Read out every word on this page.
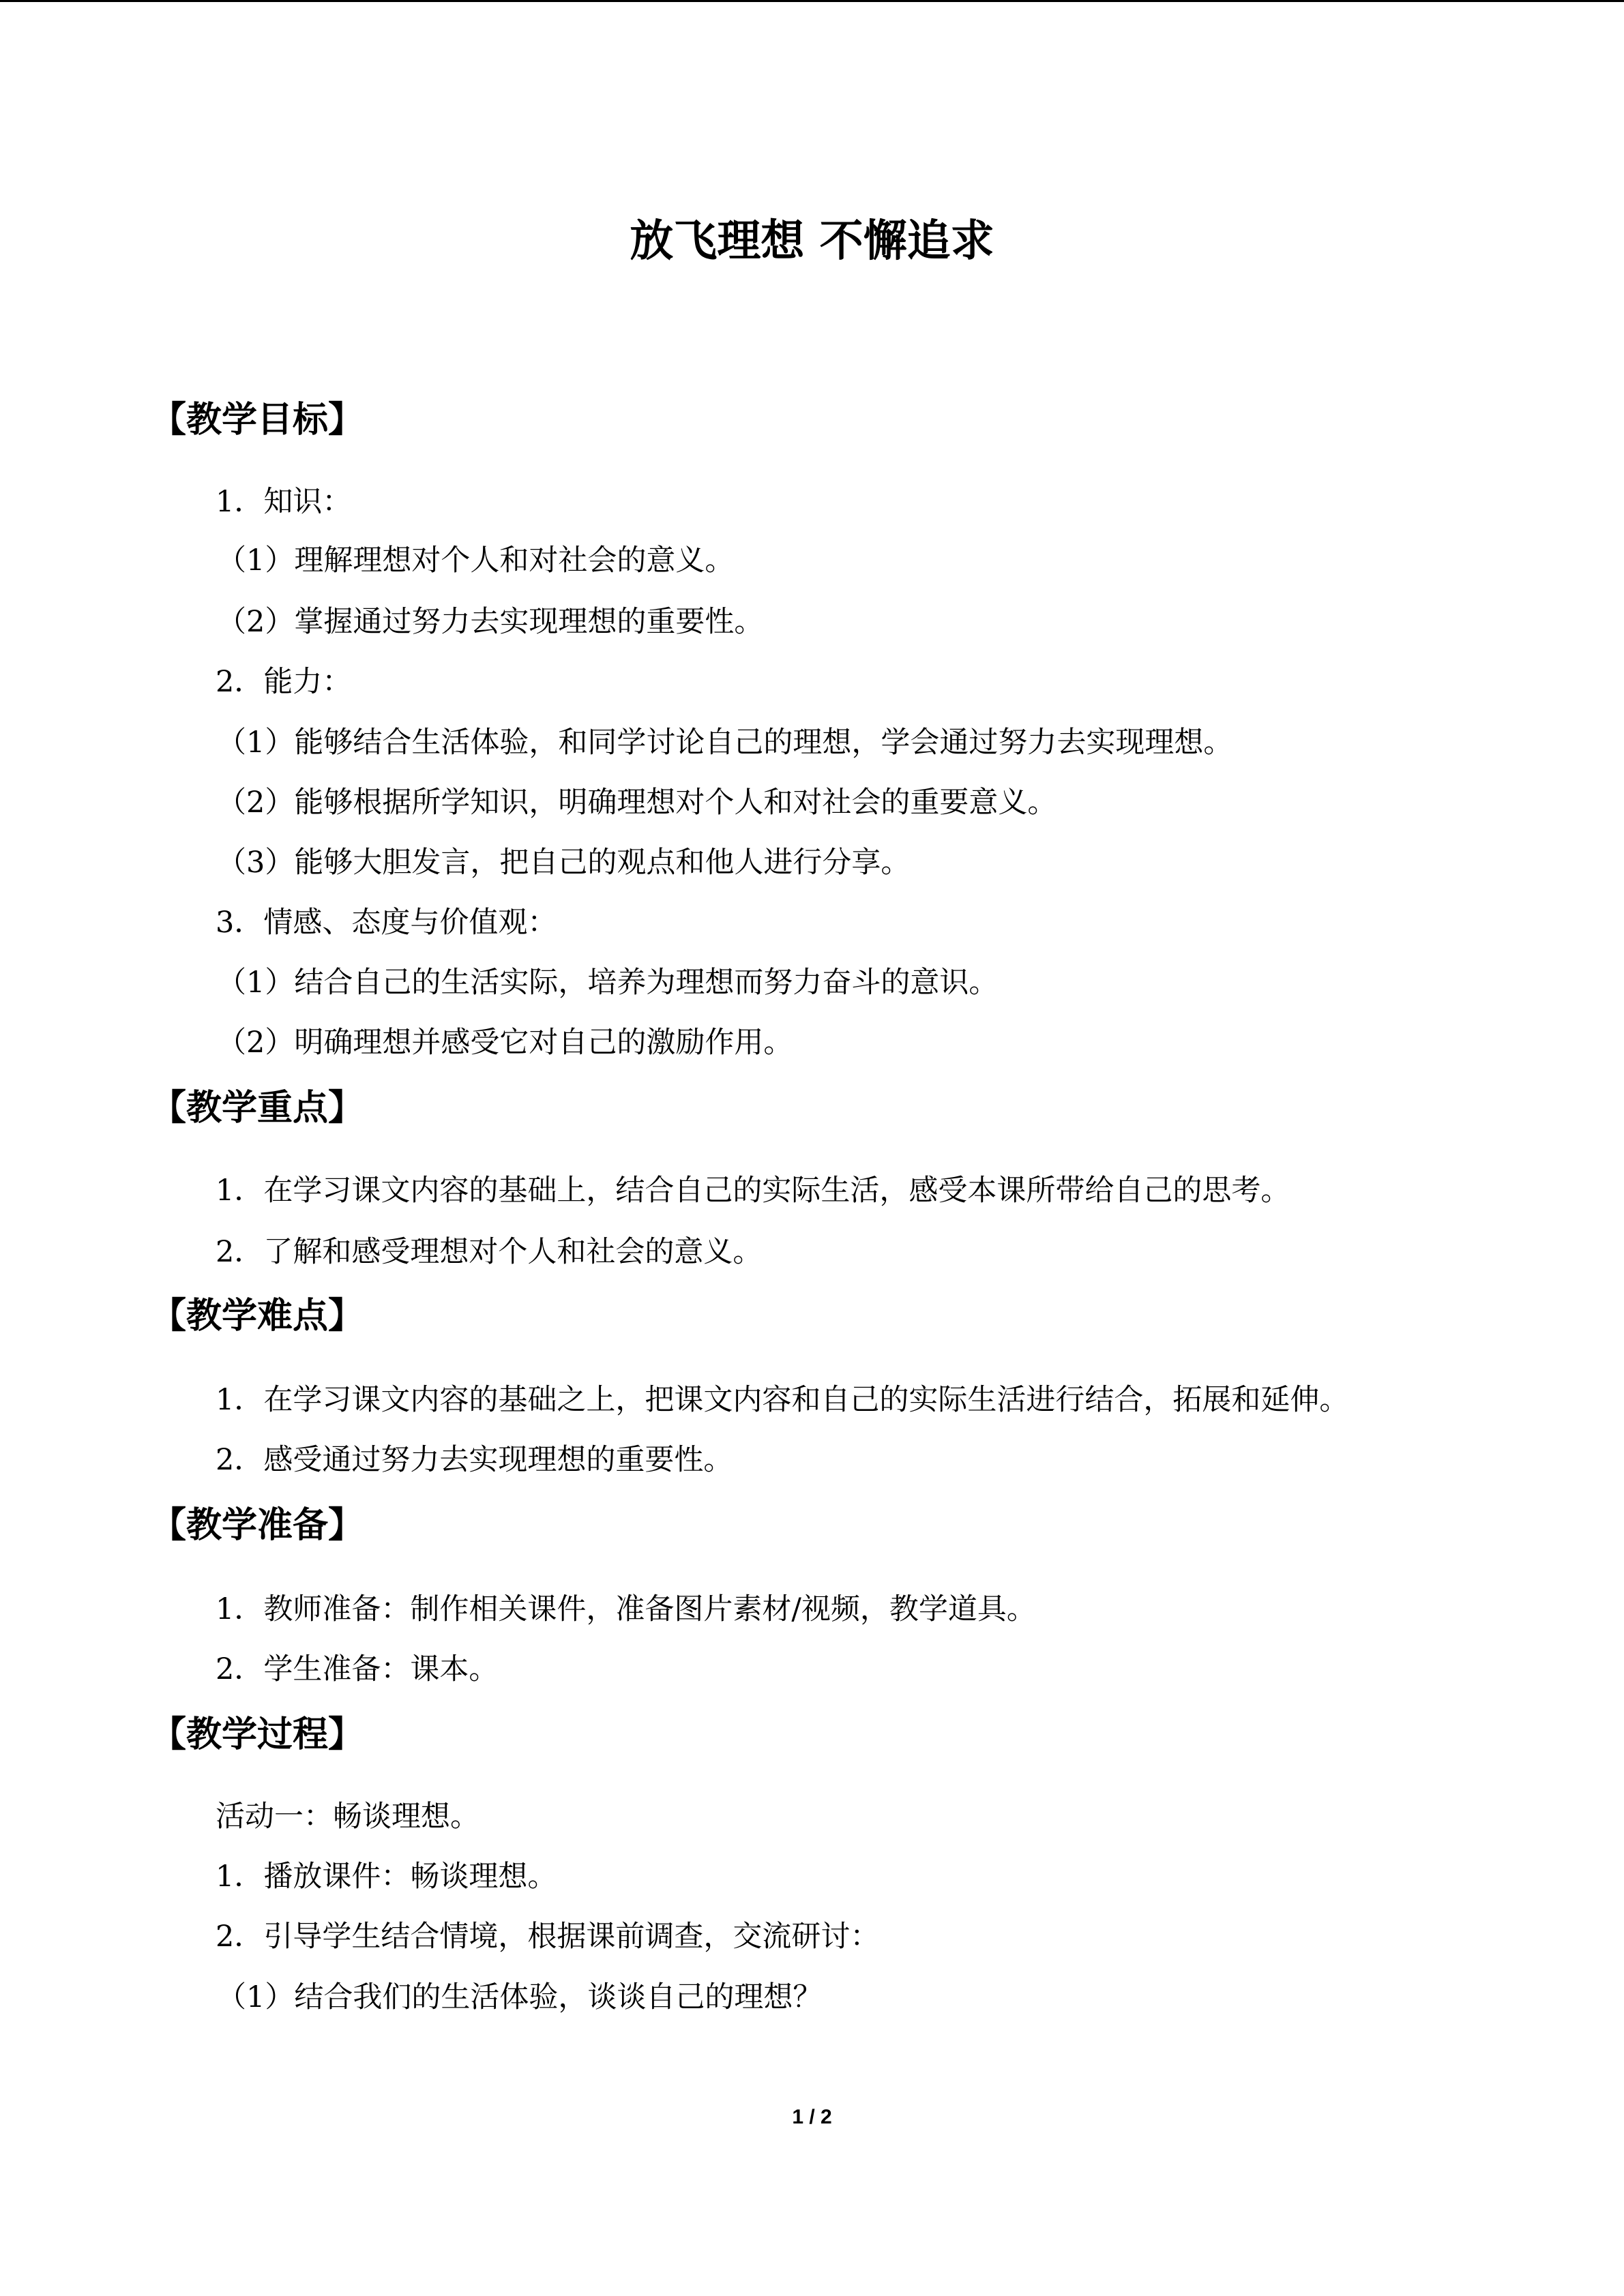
放飞理想 不懈追求
【教学目标】
1．知识：
（1）理解理想对个人和对社会的意义。
（2）掌握通过努力去实现理想的重要性。
2．能力：
（1）能够结合生活体验，和同学讨论自己的理想，学会通过努力去实现理想。
（2）能够根据所学知识，明确理想对个人和对社会的重要意义。
（3）能够大胆发言，把自己的观点和他人进行分享。
3．情感、态度与价值观：
（1）结合自己的生活实际，培养为理想而努力奋斗的意识。
（2）明确理想并感受它对自己的激励作用。
【教学重点】
1．在学习课文内容的基础上，结合自己的实际生活，感受本课所带给自己的思考。
2．了解和感受理想对个人和社会的意义。
【教学难点】
1．在学习课文内容的基础之上，把课文内容和自己的实际生活进行结合，拓展和延伸。
2．感受通过努力去实现理想的重要性。
【教学准备】
1．教师准备：制作相关课件，准备图片素材/视频，教学道具。
2．学生准备：课本。
【教学过程】
活动一：畅谈理想。
1．播放课件：畅谈理想。
2．引导学生结合情境，根据课前调查，交流研讨：
（1）结合我们的生活体验，谈谈自己的理想？
1 / 2
